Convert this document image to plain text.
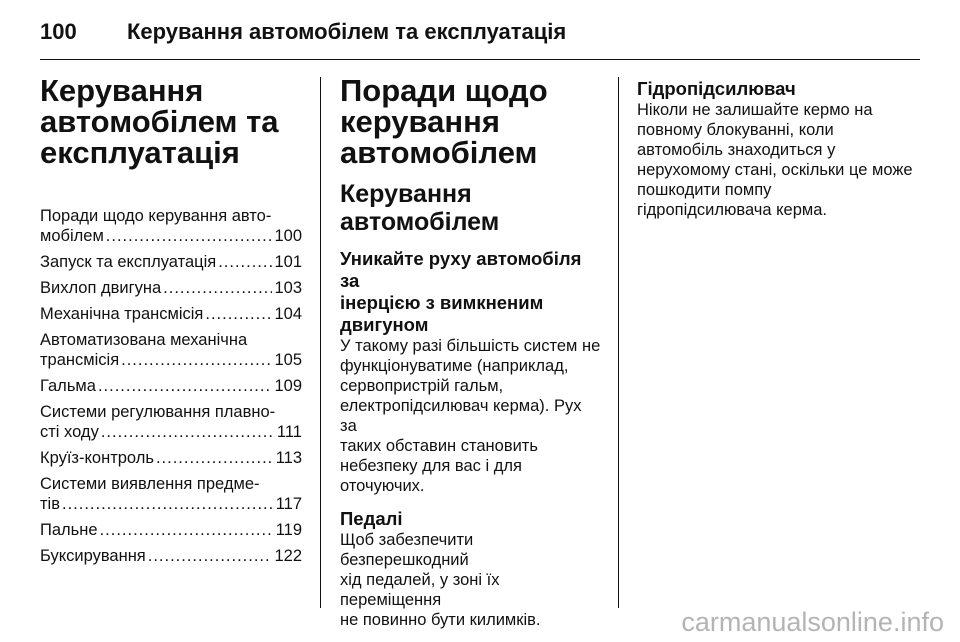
100 Керування автомобілем та експлуатація
Керування
автомобілем та
експлуатація
Поради щодо керування авто-
мобілем .....	100
Запуск та експлуатація .....	101
Вихлоп двигуна .....	103
Механічна трансмісія .....	104
Автоматизована механічна
трансмісія .....	105
Гальма .....	109
Системи регулювання плавно-
сті ходу .....	111
Круїз-контроль .....	113
Системи виявлення предме-
тів .....	117
Пальне .....	119
Буксирування .....	122
Поради щодо
керування
автомобілем
Керування автомобілем
Уникайте руху автомобіля за
інерцією з вимкненим
двигуном
У такому разі більшість систем не
функціонуватиме (наприклад,
сервопристрій гальм,
електропідсилювач керма). Рух за
таких обставин становить
небезпеку для вас і для оточуючих.
Педалі
Щоб забезпечити безперешкодний
хід педалей, у зоні їх переміщення
не повинно бути килимків.
Гідропідсилювач
Ніколи не залишайте кермо на
повному блокуванні, коли
автомобіль знаходиться у
нерухомому стані, оскільки це може
пошкодити помпу
гідропідсилювача керма.
carmanualsonline.info
